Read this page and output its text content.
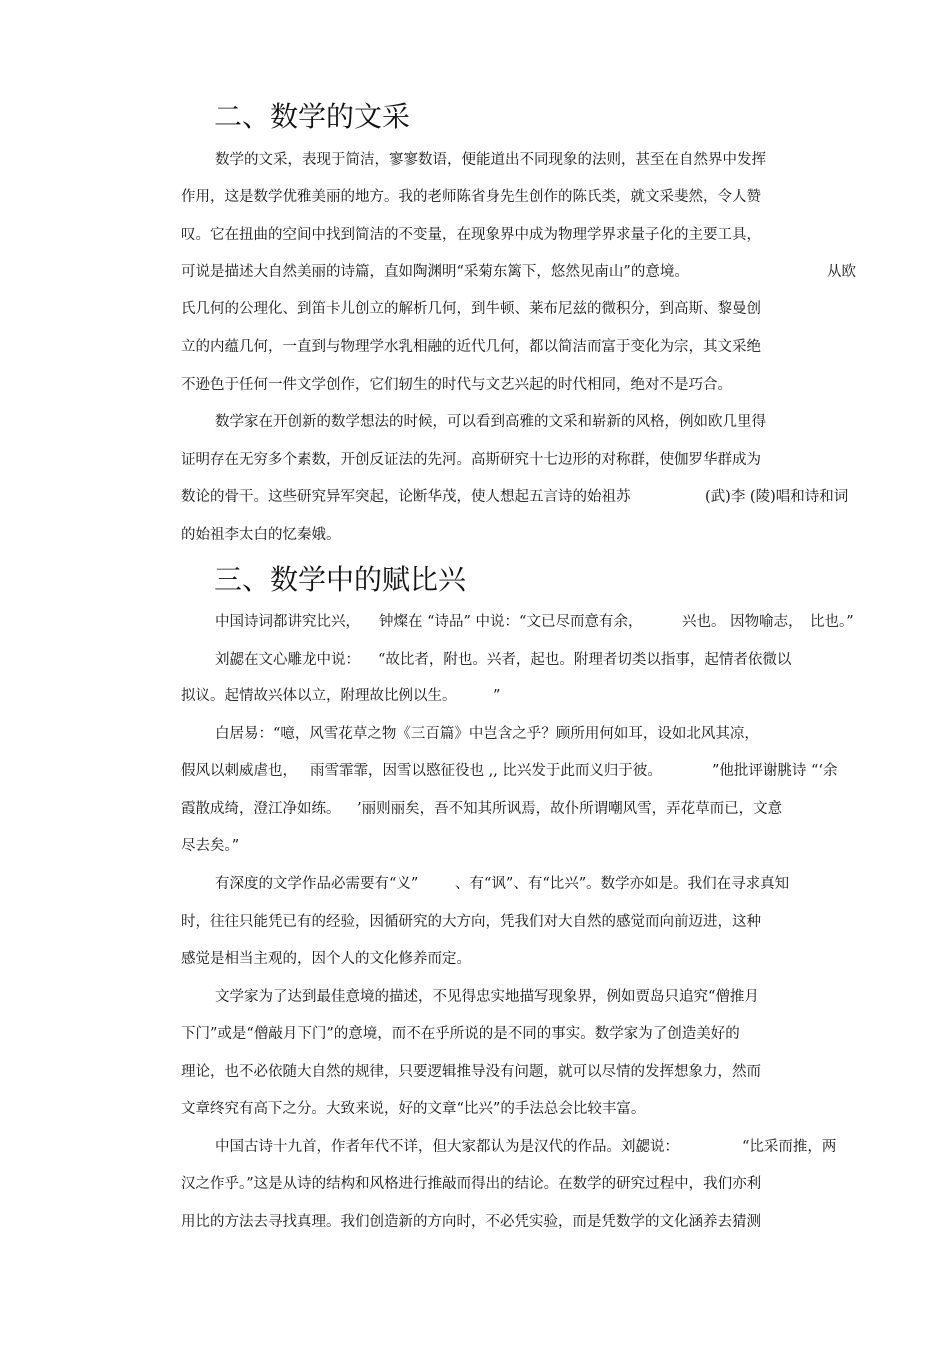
二、数学的文采

数学的文采，表现于简洁，寥寥数语，便能道出不同现象的法则，甚至在自然界中发挥

作用，这是数学优雅美丽的地方。我的老师陈省身先生创作的陈氏类，就文采斐然，令人赞

叹。它在扭曲的空间中找到简洁的不变量，在现象界中成为物理学界求量子化的主要工具，

可说是描述大自然美丽的诗篇，直如陶渊明“采菊东篱下，悠然见南山”的意境。	从欧

氏几何的公理化、到笛卡儿创立的解析几何，到牛顿、莱布尼兹的微积分，到高斯、黎曼创

立的内蕴几何，一直到与物理学水乳相融的近代几何，都以简洁而富于变化为宗，其文采绝

不逊色于任何一件文学创作，它们轫生的时代与文艺兴起的时代相同，绝对不是巧合。

数学家在开创新的数学想法的时候，可以看到高雅的文采和崭新的风格，例如欧几里得

证明存在无穷多个素数，开创反证法的先河。高斯研究十七边形的对称群，使伽罗华群成为

数论的骨干。这些研究异军突起，论断华茂，使人想起五言诗的始祖苏	(武)李 (陵)唱和诗和词

的始祖李太白的忆秦娥。

三、数学中的赋比兴

中国诗词都讲究比兴， 钟燦在 “诗品” 中说：“文已尽而意有余，	兴也。 因物喻志， 比也。”

刘勰在文心雕龙中说： “故比者，附也。兴者，起也。附理者切类以指事，起情者依微以

拟议。起情故兴体以立，附理故比例以生。	”

白居易：“噫，风雪花草之物《三百篇》中岂含之乎？顾所用何如耳，设如北风其凉，

假风以刺威虐也， 雨雪霏霏，因雪以愍征役也 ,, 比兴发于此而义归于彼。	”他批评谢朓诗 “‘余

霞散成绮，澄江净如练。 ’丽则丽矣，吾不知其所讽焉，故仆所谓嘲风雪，弄花草而已，文意

尽去矣。”

有深度的文学作品必需要有“义”	、有“讽”、有“比兴”。数学亦如是。我们在寻求真知

时，往往只能凭已有的经验，因循研究的大方向，凭我们对大自然的感觉而向前迈进，这种

感觉是相当主观的，因个人的文化修养而定。

文学家为了达到最佳意境的描述，不见得忠实地描写现象界，例如贾岛只追究“僧推月

下门”或是“僧敲月下门”的意境，而不在乎所说的是不同的事实。数学家为了创造美好的

理论，也不必依随大自然的规律，只要逻辑推导没有问题，就可以尽情的发挥想象力，然而

文章终究有高下之分。大致来说，好的文章“比兴”的手法总会比较丰富。

中国古诗十九首，作者年代不详，但大家都认为是汉代的作品。刘勰说：	“比采而推，两

汉之作乎。”这是从诗的结构和风格进行推敲而得出的结论。在数学的研究过程中，我们亦利

用比的方法去寻找真理。我们创造新的方向时，不必凭实验，而是凭数学的文化涵养去猜测
